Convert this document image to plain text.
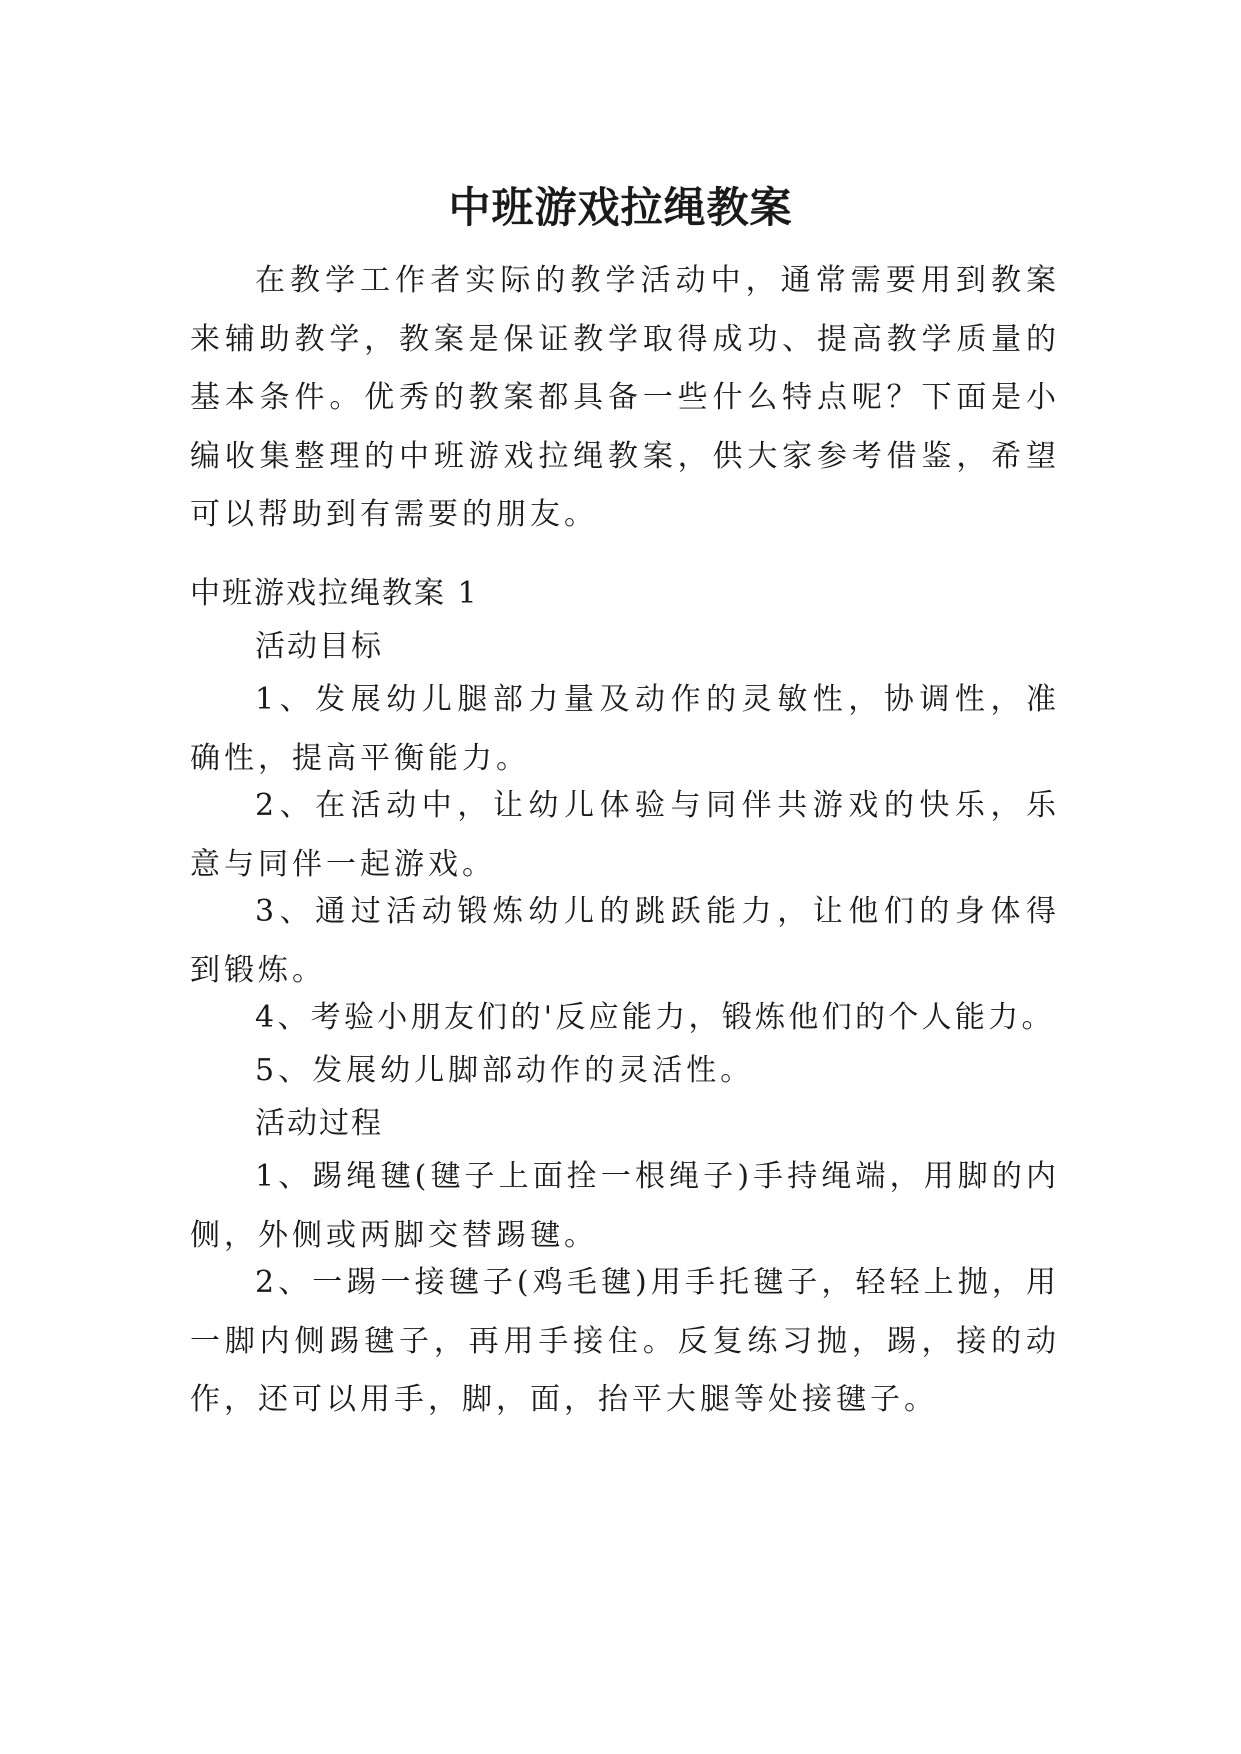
中班游戏拉绳教案

在教学工作者实际的教学活动中，通常需要用到教案来辅助教学，教案是保证教学取得成功、提高教学质量的基本条件。优秀的教案都具备一些什么特点呢？下面是小编收集整理的中班游戏拉绳教案，供大家参考借鉴，希望可以帮助到有需要的朋友。

中班游戏拉绳教案 1

活动目标

1、发展幼儿腿部力量及动作的灵敏性，协调性，准确性，提高平衡能力。

2、在活动中，让幼儿体验与同伴共游戏的快乐，乐意与同伴一起游戏。

3、通过活动锻炼幼儿的跳跃能力，让他们的身体得到锻炼。

4、考验小朋友们的'反应能力，锻炼他们的个人能力。

5、发展幼儿脚部动作的灵活性。

活动过程

1、踢绳毽(毽子上面拴一根绳子)手持绳端，用脚的内侧，外侧或两脚交替踢毽。

2、一踢一接毽子(鸡毛毽)用手托毽子，轻轻上抛，用一脚内侧踢毽子，再用手接住。反复练习抛，踢，接的动作，还可以用手，脚，面，抬平大腿等处接毽子。
